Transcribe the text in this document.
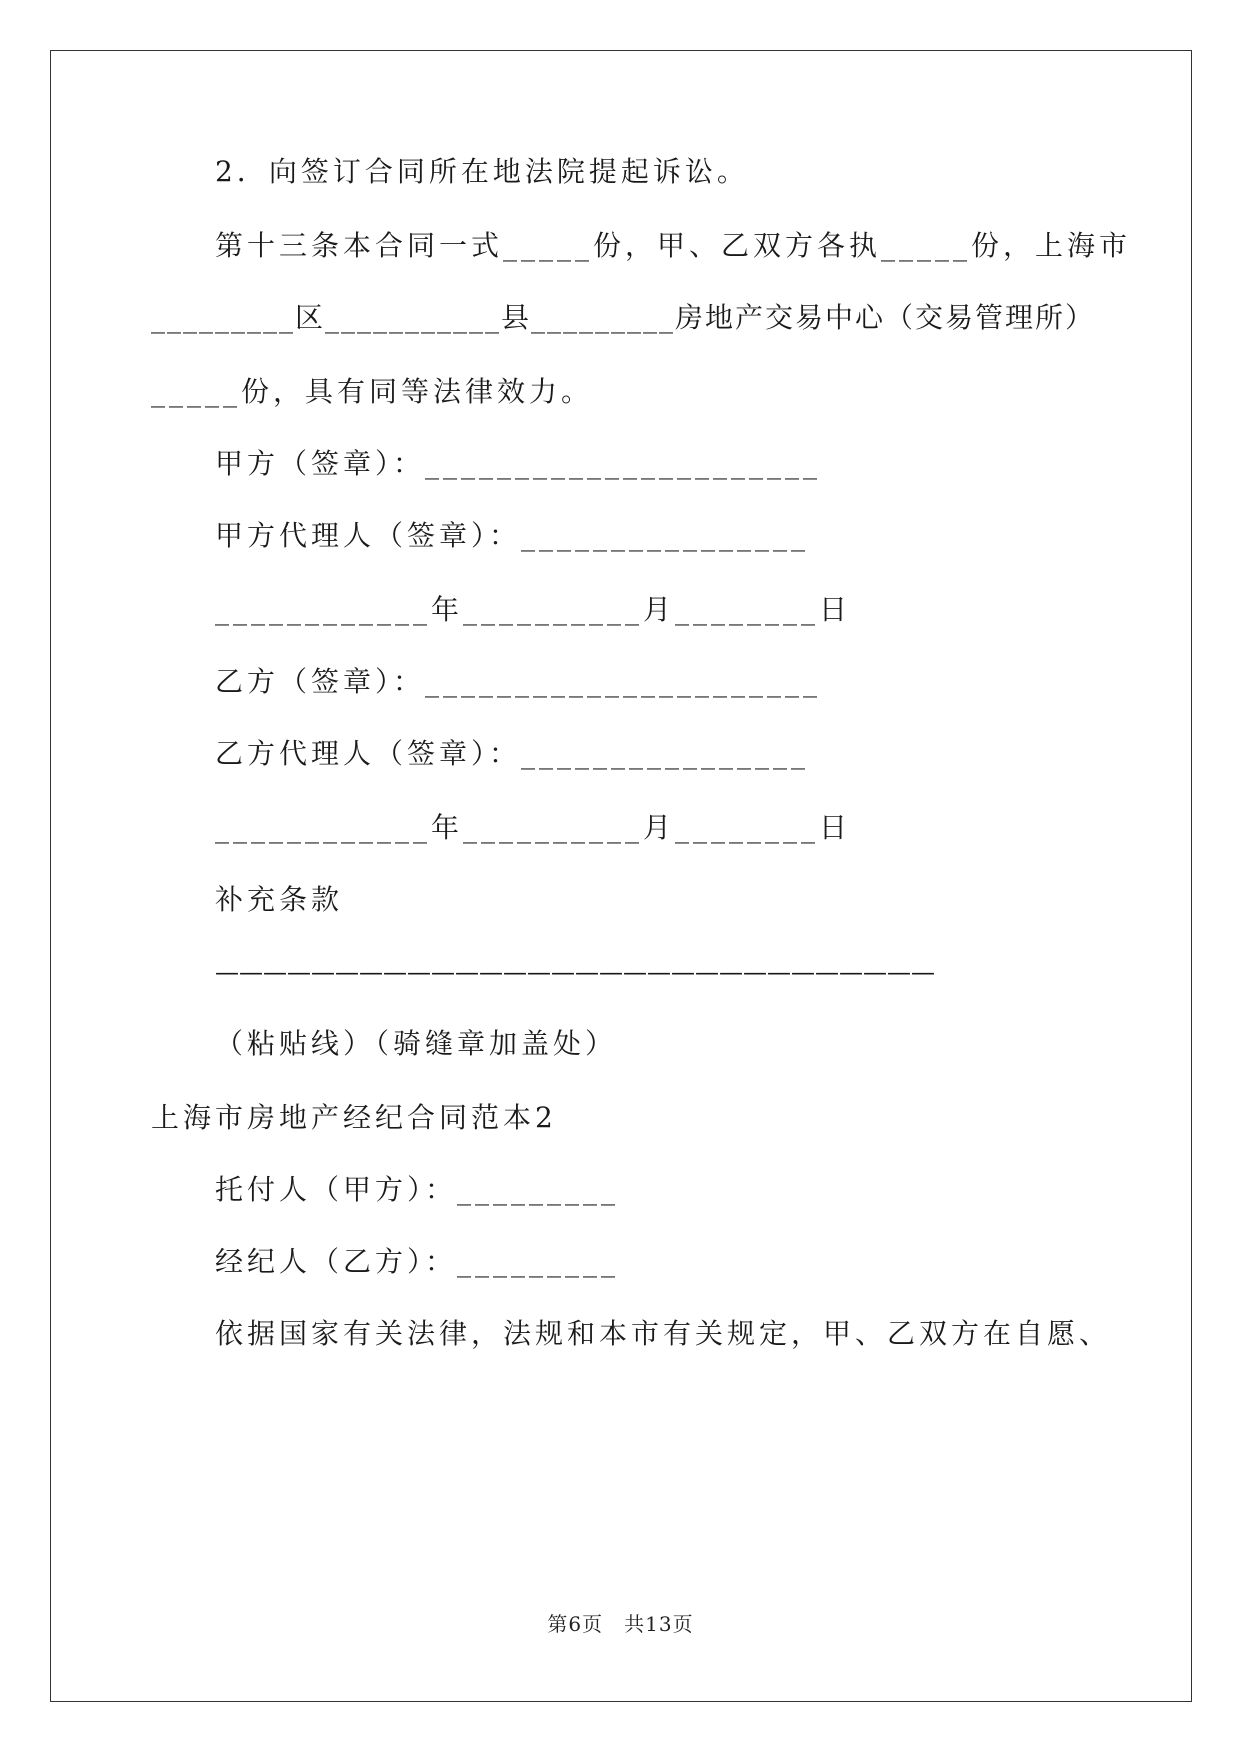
2．向签订合同所在地法院提起诉讼。
第十三条本合同一式_____份，甲、乙双方各执_____份，上海市
_________区___________县_________房地产交易中心（交易管理所）
_____份，具有同等法律效力。
甲方（签章）：______________________
甲方代理人（签章）：________________
____________年__________月________日
乙方（签章）：______________________
乙方代理人（签章）：________________
____________年__________月________日
补充条款
——————————————————————————————
（粘贴线）（骑缝章加盖处）
上海市房地产经纪合同范本2
托付人（甲方）：_________
经纪人（乙方）：_________
依据国家有关法律，法规和本市有关规定，甲、乙双方在自愿、
第6页　共13页
